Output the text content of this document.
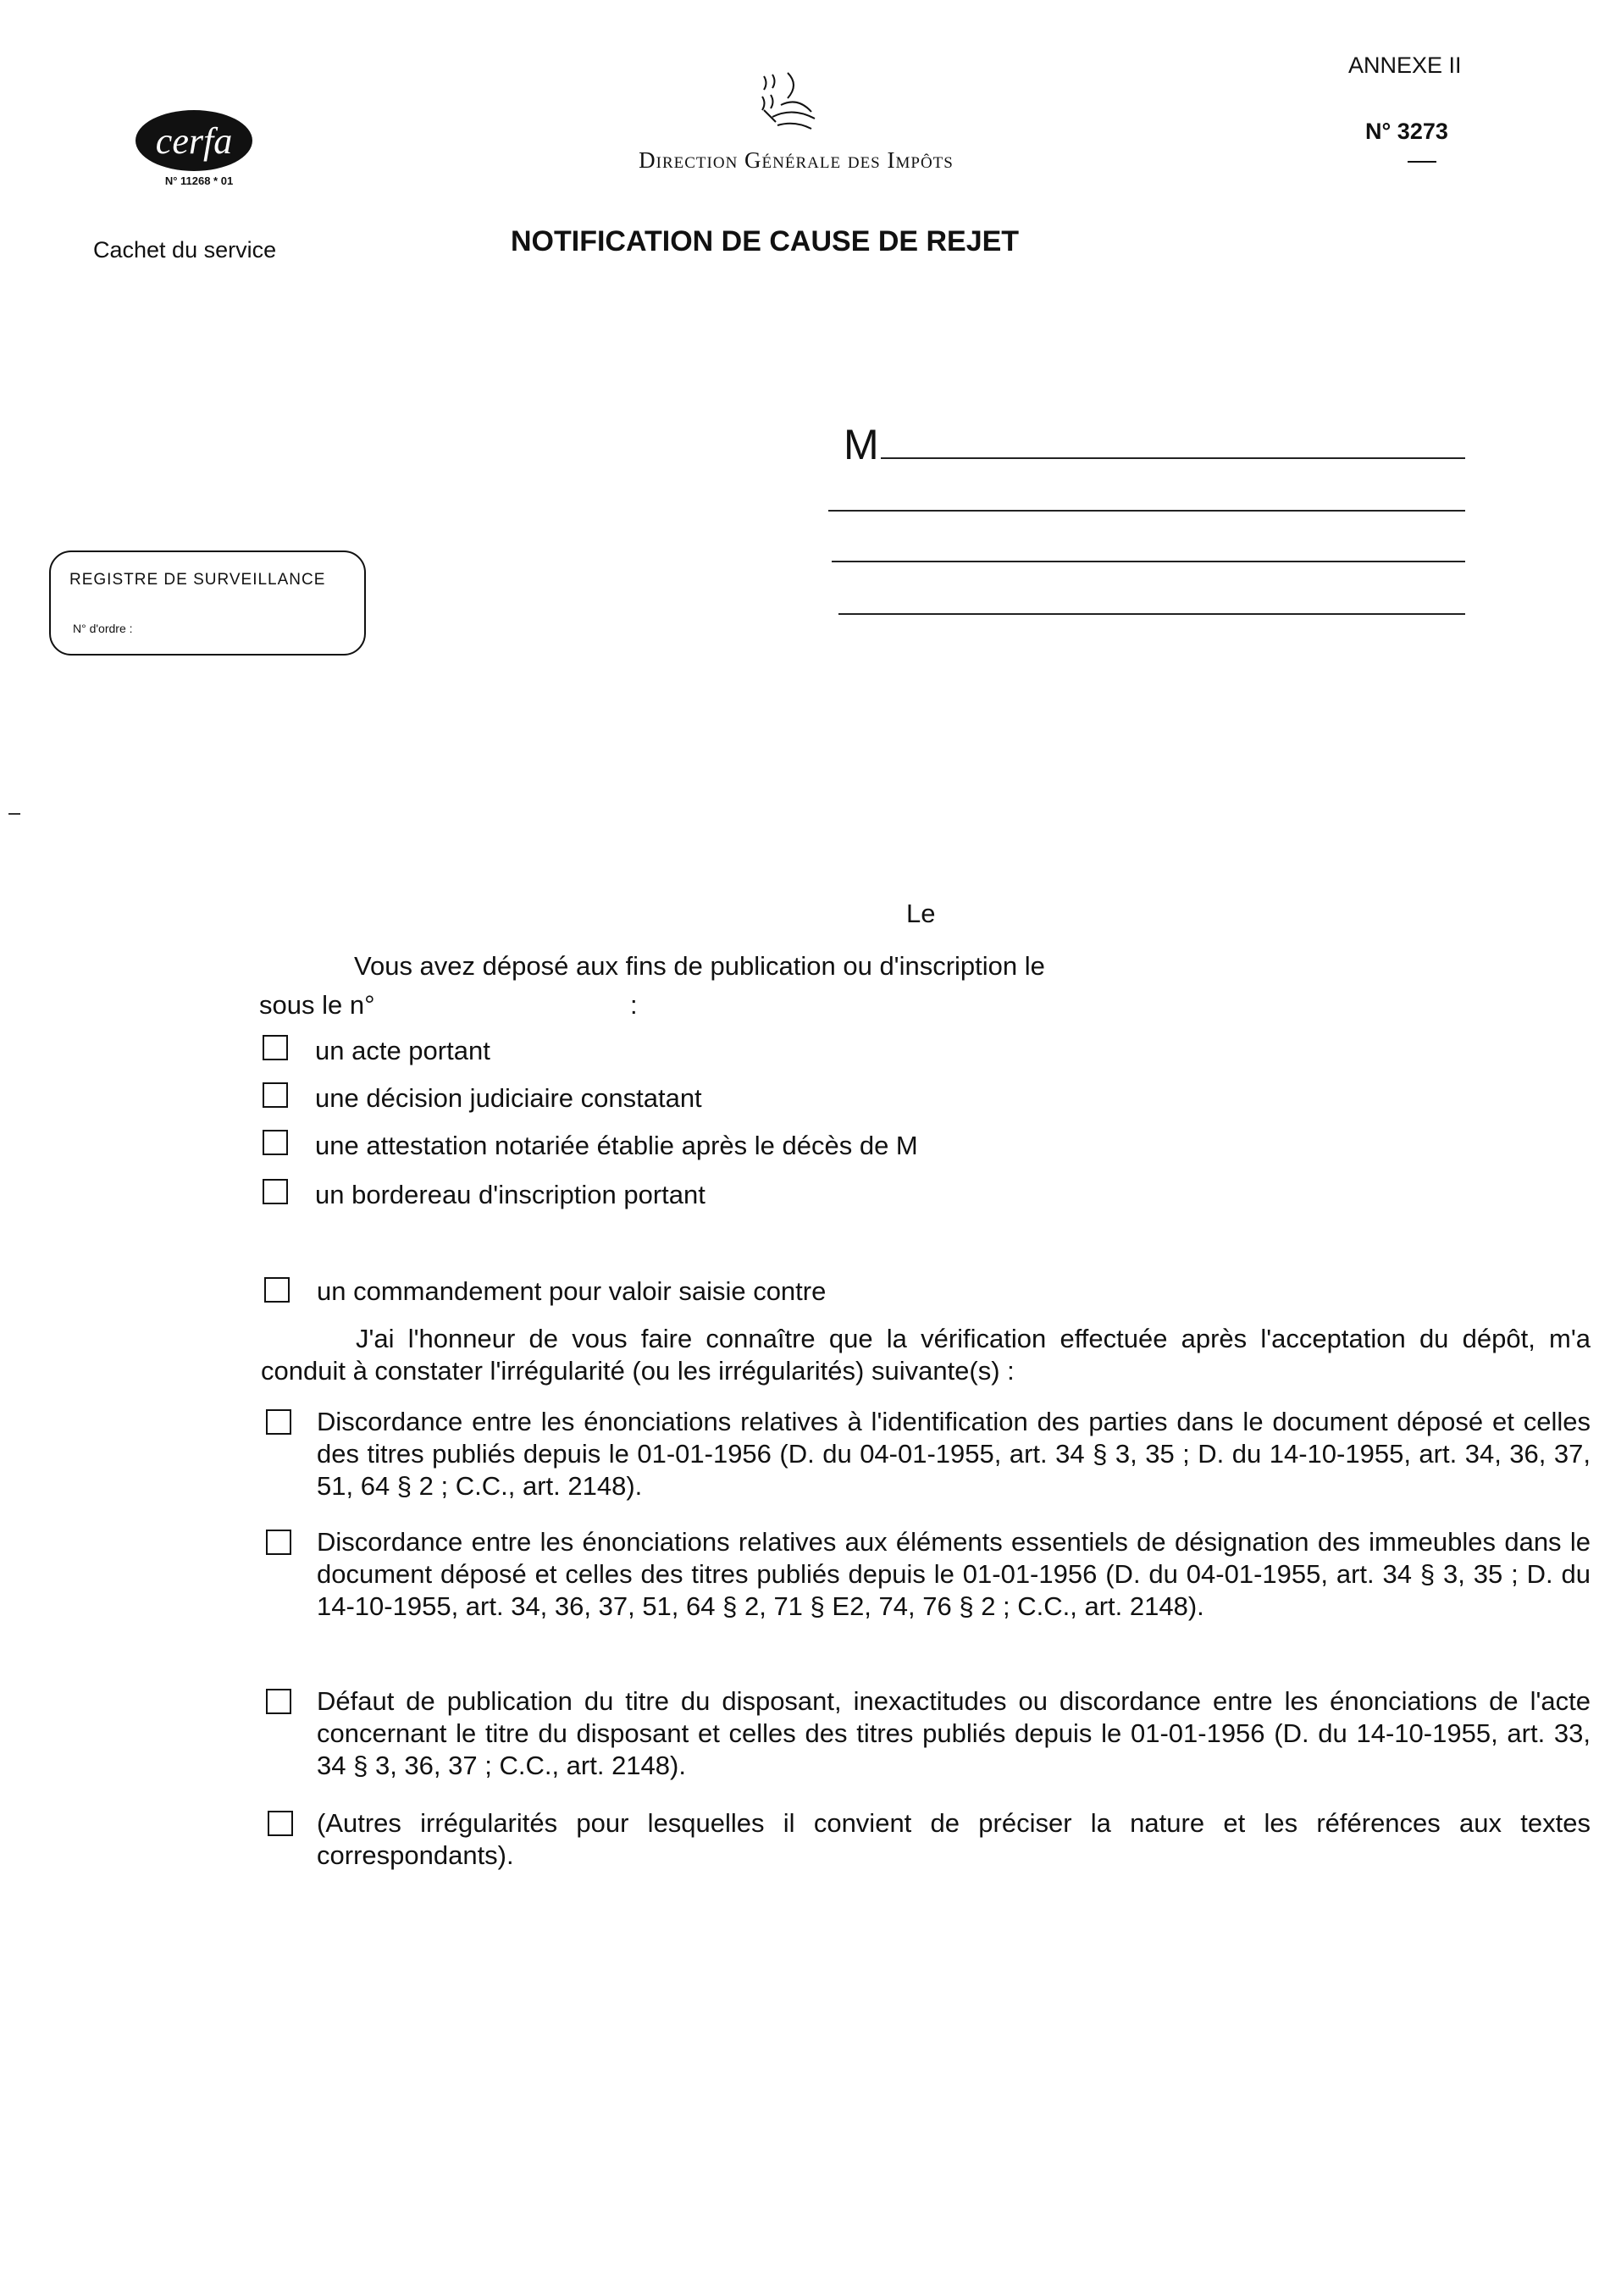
cerfa
N° 11268 * 01
Direction Générale des Impôts
ANNEXE II
N° 3273
Cachet du service	NOTIFICATION DE CAUSE DE REJET
M
REGISTRE DE SURVEILLANCE
N° d'ordre :
Le
Vous avez déposé aux fins de publication ou d'inscription le
sous le n°	:
un acte portant
une décision judiciaire constatant
une attestation notariée établie après le décès de M
un bordereau d'inscription portant
un commandement pour valoir saisie contre
J'ai l'honneur de vous faire connaître que la vérification effectuée après l'acceptation du dépôt, m'a conduit à constater l'irrégularité (ou les irrégularités) suivante(s) :
Discordance entre les énonciations relatives à l'identification des parties dans le document déposé et celles des titres publiés depuis le 01-01-1956 (D. du 04-01-1955, art. 34 § 3, 35 ; D. du 14-10-1955, art. 34, 36, 37, 51, 64 § 2 ; C.C., art. 2148).
Discordance entre les énonciations relatives aux éléments essentiels de désignation des immeubles dans le document déposé et celles des titres publiés depuis le 01-01-1956 (D. du 04-01-1955, art. 34 § 3, 35 ; D. du 14-10-1955, art. 34, 36, 37, 51, 64 § 2, 71 § E2, 74, 76 § 2 ; C.C., art. 2148).
Défaut de publication du titre du disposant, inexactitudes ou discordance entre les énonciations de l'acte concernant le titre du disposant et celles des titres publiés depuis le 01-01-1956 (D. du 14-10-1955, art. 33, 34 § 3, 36, 37 ; C.C., art. 2148).
(Autres irrégularités pour lesquelles il convient de préciser la nature et les références aux textes correspondants).
